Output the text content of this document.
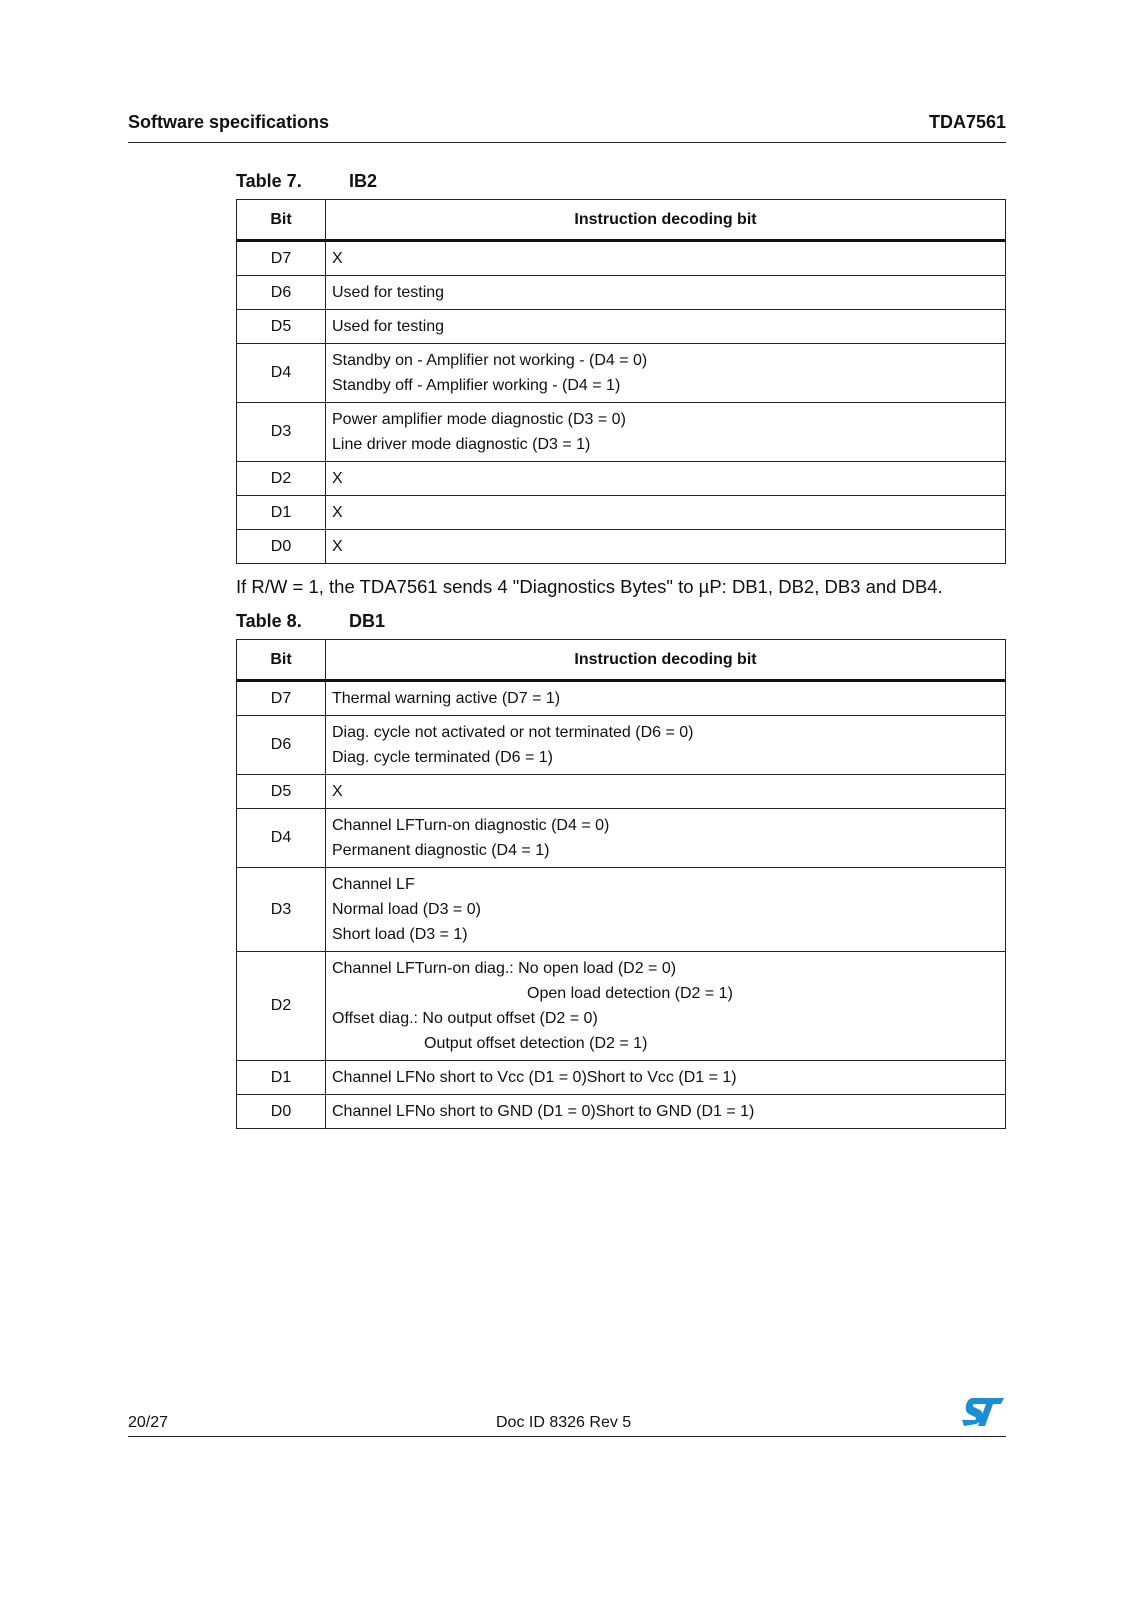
Software specifications	TDA7561
Table 7.	IB2
Bit	Instruction decoding bit
D7	X

D6	Used for testing

D5	Used for testing

D4	Standby on - Amplifier not working - (D4 = 0)
Standby off - Amplifier working - (D4 = 1)

D3	Power amplifier mode diagnostic (D3 = 0)
Line driver mode diagnostic (D3 = 1)

D2	X

D1	X

D0	X
If R/W = 1, the TDA7561 sends 4 "Diagnostics Bytes" to µP: DB1, DB2, DB3 and DB4.
Table 8.	DB1
Bit	Instruction decoding bit
D7	Thermal warning active (D7 = 1)

D6	Diag. cycle not activated or not terminated (D6 = 0)
Diag. cycle terminated (D6 = 1)

D5	X

D4	Channel LFTurn-on diagnostic (D4 = 0)
Permanent diagnostic (D4 = 1)

D3	Channel LF
Normal load (D3 = 0)
Short load (D3 = 1)

D2	Channel LFTurn-on diag.: No open load (D2 = 0)
Open load detection (D2 = 1)
Offset diag.: No output offset (D2 = 0)
Output offset detection (D2 = 1)

D1	Channel LFNo short to Vcc (D1 = 0)Short to Vcc (D1 = 1)

D0	Channel LFNo short to GND (D1 = 0)Short to GND (D1 = 1)
20/27	Doc ID 8326 Rev 5
